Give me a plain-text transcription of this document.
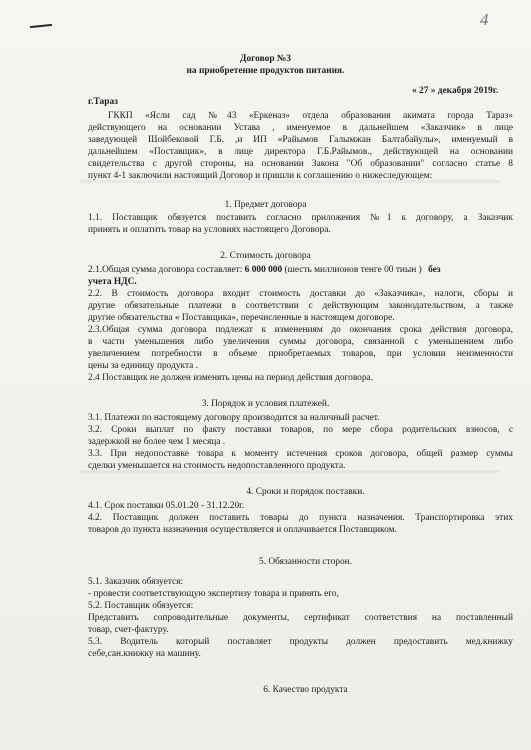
4
Договор №3
на приобретение продуктов питания.
« 27 » декабря 2019г.
г.Тараз
ГККП «Ясли сад №43 «Еркеназ» отдела образования акимата города Тараз»
действующего на основании Устава , именуемое в дальнейшем «Заказчик» в лице
заведующей Шойбековой Г.Б. ,и ИП «Райымов Галымжан Балтабайулы», именуемый в
дальнейшем «Поставщик», в лице директора Г.Б.Райымов., действующей на основании
свидетельства с другой стороны, на основании Закона "Об образовании" согласно статье 8
пункт 4-1 заключили настоящий Договор и пришли к соглашению о нижеследующем:
1. Предмет договора
1.1. Поставщик обязуется поставить согласно приложения №1 к договору, а Заказчик
принять и оплатить товар на условиях настоящего Договора.
2. Стоимость договора
2.1.Общая сумма договора составляет: 6 000 000 (шесть миллионов тенге 00 тиын ) без
учета НДС.
2.2. В стоимость договора входит стоимость доставки до «Заказчика», налоги, сборы и
другие обязательные платежи в соответствии с действующим законодательством, а также
другие обязательства « Поставщика», перечисленные в настоящем договоре.
2.3.Общая сумма договора подлежат к изменениям до окончания срока действия договора,
в части уменьшения либо увеличения суммы договора, связанной с уменьшением либо
увеличением потребности в объеме приобретаемых товаров, при условии неизменности
цены за единицу продукта .
2.4 Поставщик не должен изменять цены на период действия договора.
3. Порядок и условия платежей.
3.1. Платежи по настоящему договору производится за наличный расчет.
3.2. Сроки выплат по факту поставки товаров, по мере сбора родительских взносов, с
задержкой не более чем 1 месяца .
3.3. При недопоставке товара к моменту истечения сроков договора, общей размер суммы
сделки уменьшается на стоимость недопоставленного продукта.
4. Сроки и порядок поставки.
4.1. Срок поставки 05.01.20 - 31.12.20г.
4.2. Поставщик должен поставить товары до пункта назначения. Транспортировка этих
товаров до пункта назначения осуществляется и оплачивается Поставщиком.
5. Обязанности сторон.
5.1. Заказчик обязуется:
- провести соответствующую экспертизу товара и принять его,
5.2. Поставщик обязуется:
Представить сопроводительные документы, сертификат соответствия на поставленный
товар, счет-фактуру.
5.3. Водитель который поставляет продукты должен предоставить мед.книжку
себе,сан.книжку на машину.
6. Качество продукта
